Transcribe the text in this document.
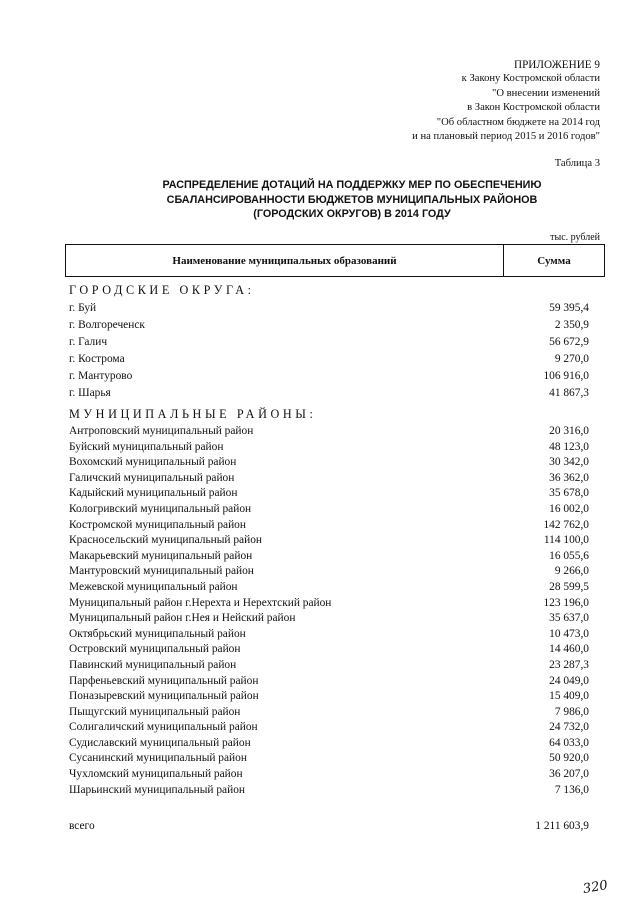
ПРИЛОЖЕНИЕ 9
к Закону Костромской области
"О внесении изменений
в Закон Костромской области
"Об областном бюджете на 2014 год
и на плановый период 2015 и 2016 годов"
Таблица 3
РАСПРЕДЕЛЕНИЕ ДОТАЦИЙ НА ПОДДЕРЖКУ МЕР ПО ОБЕСПЕЧЕНИЮ
СБАЛАНСИРОВАННОСТИ БЮДЖЕТОВ МУНИЦИПАЛЬНЫХ РАЙОНОВ
(ГОРОДСКИХ ОКРУГОВ) В 2014 ГОДУ
тыс. рублей
Наименование муниципальных образований	Сумма
ГОРОДСКИЕ ОКРУГА:
г. Буй	59 395,4
г. Волгореченск	2 350,9
г. Галич	56 672,9
г. Кострома	9 270,0
г. Мантурово	106 916,0
г. Шарья	41 867,3
МУНИЦИПАЛЬНЫЕ РАЙОНЫ:
Антроповский муниципальный район	20 316,0
Буйский муниципальный район	48 123,0
Вохомский муниципальный район	30 342,0
Галичский муниципальный район	36 362,0
Кадыйский муниципальный район	35 678,0
Кологривский муниципальный район	16 002,0
Костромской муниципальный район	142 762,0
Красносельский муниципальный район	114 100,0
Макарьевский муниципальный район	16 055,6
Мантуровский муниципальный район	9 266,0
Межевской муниципальный район	28 599,5
Муниципальный район г.Нерехта и Нерехтский район	123 196,0
Муниципальный район г.Нея и Нейский район	35 637,0
Октябрьский муниципальный район	10 473,0
Островский муниципальный район	14 460,0
Павинский муниципальный район	23 287,3
Парфеньевский муниципальный район	24 049,0
Поназыревский муниципальный район	15 409,0
Пыщугский муниципальный район	7 986,0
Солигаличский муниципальный район	24 732,0
Судиславский муниципальный район	64 033,0
Сусанинский муниципальный район	50 920,0
Чухломский муниципальный район	36 207,0
Шарьинский муниципальный район	7 136,0
всего	1 211 603,9
320
